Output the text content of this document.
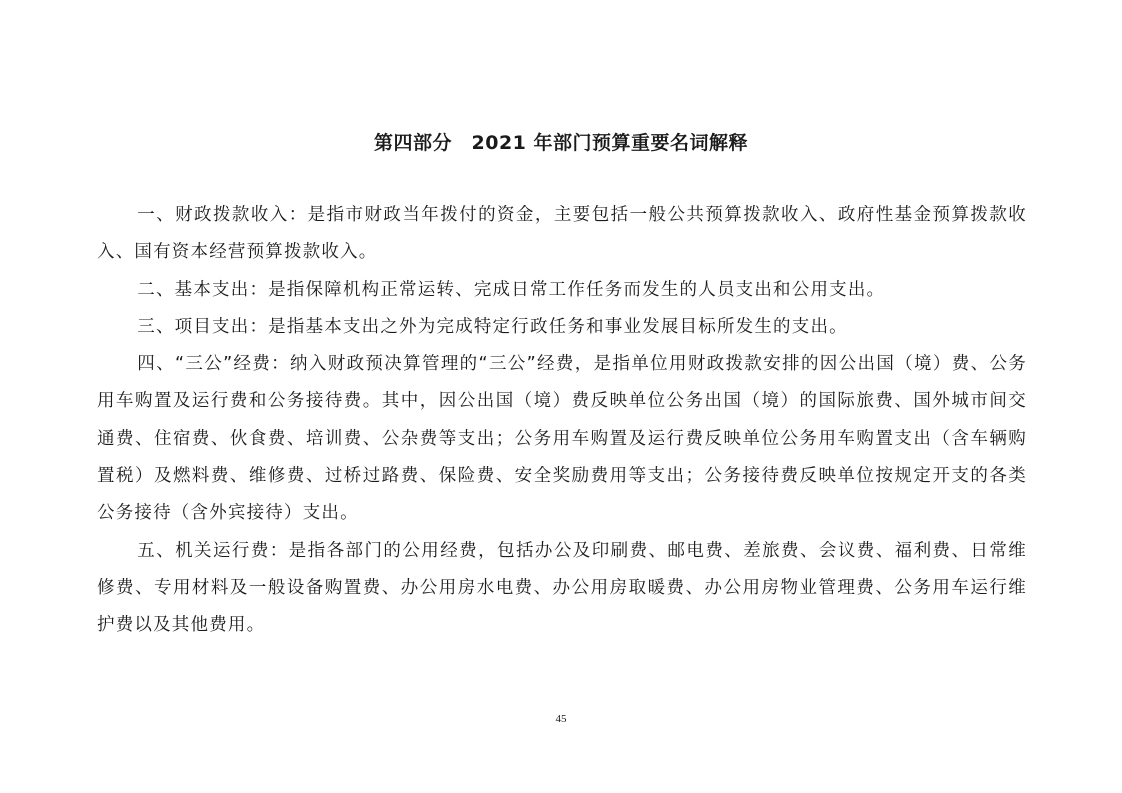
第四部分　2021 年部门预算重要名词解释

一、财政拨款收入：是指市财政当年拨付的资金，主要包括一般公共预算拨款收入、政府性基金预算拨款收入、国有资本经营预算拨款收入。

二、基本支出：是指保障机构正常运转、完成日常工作任务而发生的人员支出和公用支出。

三、项目支出：是指基本支出之外为完成特定行政任务和事业发展目标所发生的支出。

四、“三公”经费：纳入财政预决算管理的“三公”经费，是指单位用财政拨款安排的因公出国（境）费、公务用车购置及运行费和公务接待费。其中，因公出国（境）费反映单位公务出国（境）的国际旅费、国外城市间交通费、住宿费、伙食费、培训费、公杂费等支出；公务用车购置及运行费反映单位公务用车购置支出（含车辆购置税）及燃料费、维修费、过桥过路费、保险费、安全奖励费用等支出；公务接待费反映单位按规定开支的各类公务接待（含外宾接待）支出。

五、机关运行费：是指各部门的公用经费，包括办公及印刷费、邮电费、差旅费、会议费、福利费、日常维修费、专用材料及一般设备购置费、办公用房水电费、办公用房取暖费、办公用房物业管理费、公务用车运行维护费以及其他费用。

45
